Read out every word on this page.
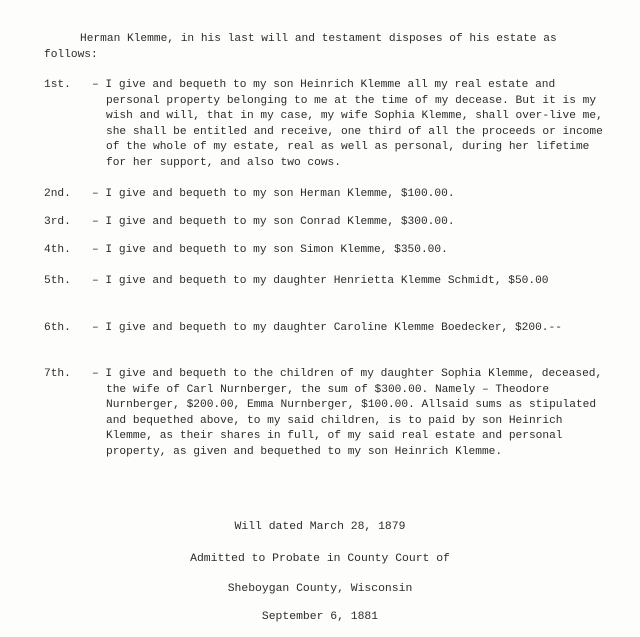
Herman Klemme, in his last will and testament disposes of his estate as follows:

1st.	– I give and bequeth to my son Heinrich Klemme all my real estate and personal property belonging to me at the time of my decease. But it is my wish and will, that in my case, my wife Sophia Klemme, shall over-live me, she shall be entitled and receive, one third of all the proceeds or income of the whole of my estate, real as well as personal, during her lifetime for her support, and also two cows.
2nd.	– I give and bequeth to my son Herman Klemme, $100.00.
3rd.	– I give and bequeth to my son Conrad Klemme, $300.00.
4th.	– I give and bequeth to my son Simon Klemme, $350.00.
5th.	– I give and bequeth to my daughter Henrietta Klemme Schmidt, $50.00
6th.	– I give and bequeth to my daughter Caroline Klemme Boedecker, $200.--
7th.	– I give and bequeth to the children of my daughter Sophia Klemme, deceased, the wife of Carl Nurnberger, the sum of $300.00. Namely – Theodore Nurnberger, $200.00, Emma Nurnberger, $100.00. Allsaid sums as stipulated and bequethed above, to my said children, is to paid by son Heinrich Klemme, as their shares in full, of my said real estate and personal property, as given and bequethed to my son Heinrich Klemme.
Will dated March 28, 1879
Admitted to Probate in County Court of
Sheboygan County, Wisconsin
September 6, 1881
